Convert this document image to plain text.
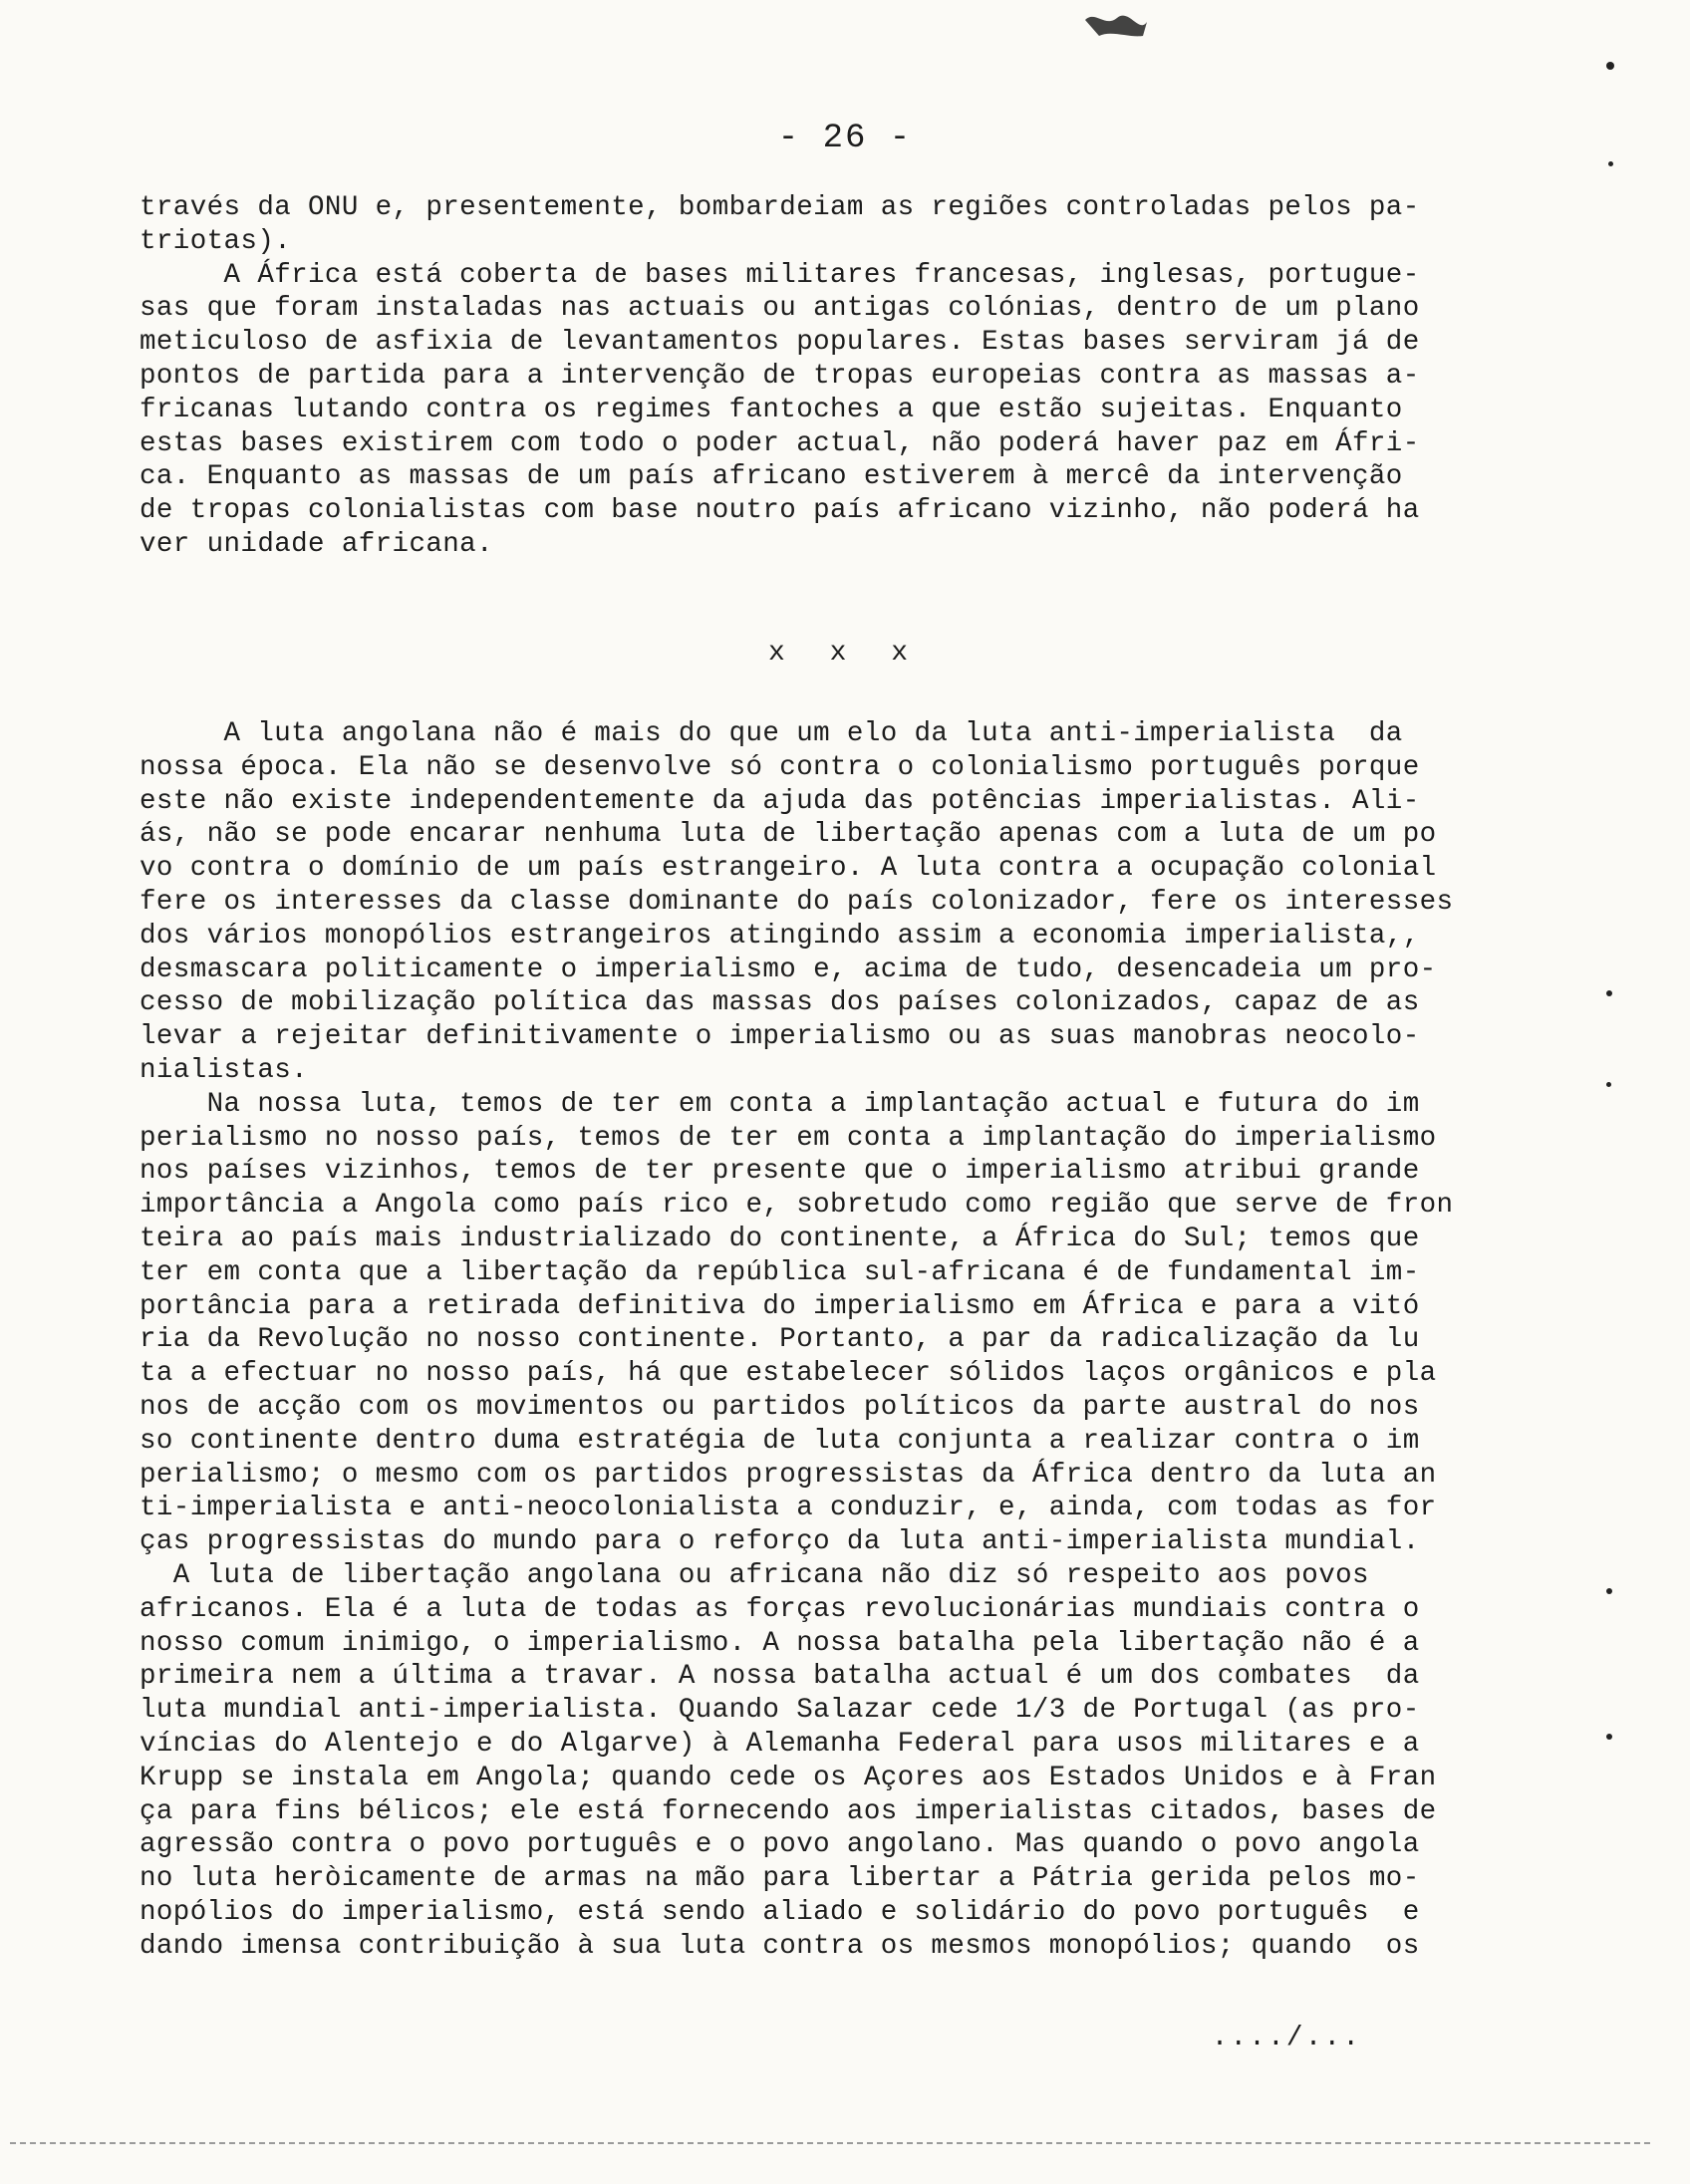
- 26 -
través da ONU e, presentemente, bombardeiam as regiões controladas pelos pa-
triotas).
A África está coberta de bases militares francesas, inglesas, portugue-
sas que foram instaladas nas actuais ou antigas colónias, dentro de um plano
meticuloso de asfixia de levantamentos populares. Estas bases serviram já de
pontos de partida para a intervenção de tropas europeias contra as massas a-
fricanas lutando contra os regimes fantoches a que estão sujeitas. Enquanto
estas bases existirem com todo o poder actual, não poderá haver paz em Áfri-
ca. Enquanto as massas de um país africano estiverem à mercê da intervenção
de tropas colonialistas com base noutro país africano vizinho, não poderá ha
ver unidade africana.
x x x
A luta angolana não é mais do que um elo da luta anti-imperialista  da
nossa época. Ela não se desenvolve só contra o colonialismo português porque
este não existe independentemente da ajuda das potências imperialistas. Ali-
ás, não se pode encarar nenhuma luta de libertação apenas com a luta de um po
vo contra o domínio de um país estrangeiro. A luta contra a ocupação colonial
fere os interesses da classe dominante do país colonizador, fere os interesses
dos vários monopólios estrangeiros atingindo assim a economia imperialista,,
desmascara politicamente o imperialismo e, acima de tudo, desencadeia um pro-
cesso de mobilização política das massas dos países colonizados, capaz de as
levar a rejeitar definitivamente o imperialismo ou as suas manobras neocolo-
nialistas.
Na nossa luta, temos de ter em conta a implantação actual e futura do im
perialismo no nosso país, temos de ter em conta a implantação do imperialismo
nos países vizinhos, temos de ter presente que o imperialismo atribui grande
importância a Angola como país rico e, sobretudo como região que serve de fron
teira ao país mais industrializado do continente, a África do Sul; temos que
ter em conta que a libertação da república sul-africana é de fundamental im-
portância para a retirada definitiva do imperialismo em África e para a vitó
ria da Revolução no nosso continente. Portanto, a par da radicalização da lu
ta a efectuar no nosso país, há que estabelecer sólidos laços orgânicos e pla
nos de acção com os movimentos ou partidos políticos da parte austral do nos
so continente dentro duma estratégia de luta conjunta a realizar contra o im
perialismo; o mesmo com os partidos progressistas da África dentro da luta an
ti-imperialista e anti-neocolonialista a conduzir, e, ainda, com todas as for
ças progressistas do mundo para o reforço da luta anti-imperialista mundial.
A luta de libertação angolana ou africana não diz só respeito aos povos
africanos. Ela é a luta de todas as forças revolucionárias mundiais contra o
nosso comum inimigo, o imperialismo. A nossa batalha pela libertação não é a
primeira nem a última a travar. A nossa batalha actual é um dos combates  da
luta mundial anti-imperialista. Quando Salazar cede 1/3 de Portugal (as pro-
víncias do Alentejo e do Algarve) à Alemanha Federal para usos militares e a
Krupp se instala em Angola; quando cede os Açores aos Estados Unidos e à Fran
ça para fins bélicos; ele está fornecendo aos imperialistas citados, bases de
agressão contra o povo português e o povo angolano. Mas quando o povo angola
no luta heròicamente de armas na mão para libertar a Pátria gerida pelos mo-
nopólios do imperialismo, está sendo aliado e solidário do povo português  e
dando imensa contribuição à sua luta contra os mesmos monopólios; quando  os
..../...
